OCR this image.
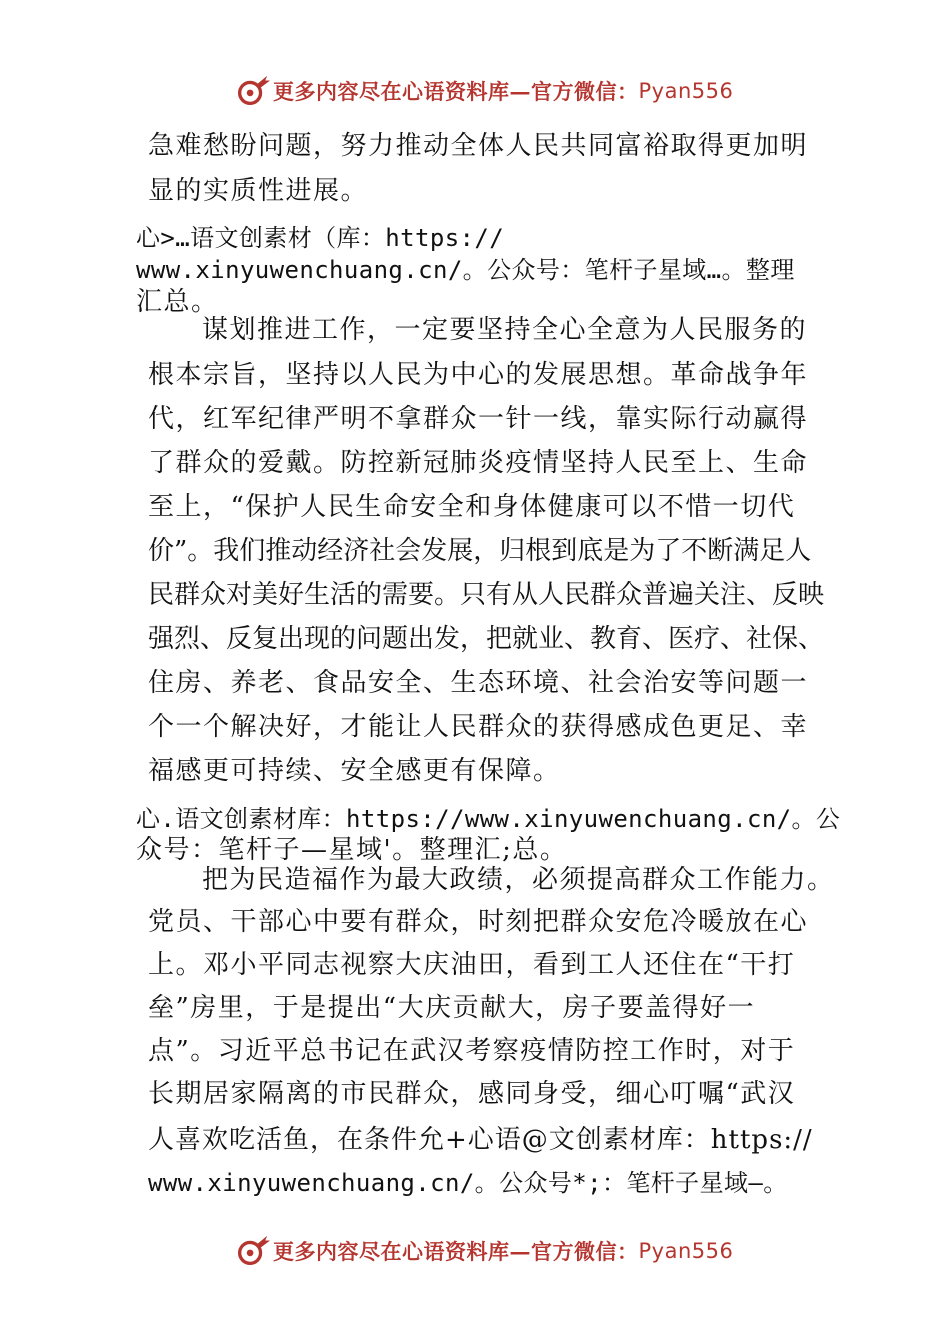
更多内容尽在心语资料库—官方微信： Pyan556
急难愁盼问题，努力推动全体人民共同富裕取得更加明
显的实质性进展。
心>…语文创素材（库：https://
www.xinyuwenchuang.cn/。公众号：笔杆子星域…。整理
汇总。
谋划推进工作，一定要坚持全心全意为人民服务的
根本宗旨，坚持以人民为中心的发展思想。革命战争年
代，红军纪律严明不拿群众一针一线，靠实际行动赢得
了群众的爱戴。防控新冠肺炎疫情坚持人民至上、生命
至上，“保护人民生命安全和身体健康可以不惜一切代
价”。我们推动经济社会发展，归根到底是为了不断满足人
民群众对美好生活的需要。只有从人民群众普遍关注、反映
强烈、反复出现的问题出发，把就业、教育、医疗、社保、
住房、养老、食品安全、生态环境、社会治安等问题一
个一个解决好，才能让人民群众的获得感成色更足、幸
福感更可持续、安全感更有保障。
心.语文创素材库：https://www.xinyuwenchuang.cn/。公
众号：笔杆子—星域'。整理汇;总。
把为民造福作为最大政绩，必须提高群众工作能力。
党员、干部心中要有群众，时刻把群众安危冷暖放在心
上。邓小平同志视察大庆油田，看到工人还住在“干打
垒”房里，于是提出“大庆贡献大，房子要盖得好一
点”。习近平总书记在武汉考察疫情防控工作时，对于
长期居家隔离的市民群众，感同身受，细心叮嘱“武汉
人喜欢吃活鱼，在条件允+心语@文创素材库：https://
www.xinyuwenchuang.cn/。公众号*;：笔杆子星域—。
更多内容尽在心语资料库—官方微信： Pyan556
